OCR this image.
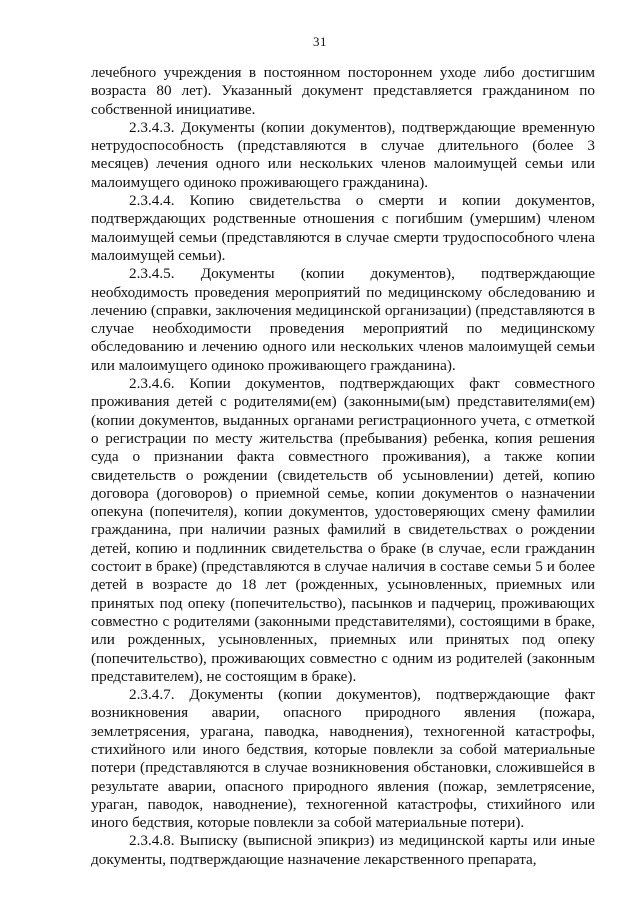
31

лечебного учреждения в постоянном постороннем уходе либо достигшим возраста 80 лет). Указанный документ представляется гражданином по собственной инициативе.

2.3.4.3. Документы (копии документов), подтверждающие временную нетрудоспособность (представляются в случае длительного (более 3 месяцев) лечения одного или нескольких членов малоимущей семьи или малоимущего одиноко проживающего гражданина).

2.3.4.4. Копию свидетельства о смерти и копии документов, подтверждающих родственные отношения с погибшим (умершим) членом малоимущей семьи (представляются в случае смерти трудоспособного члена малоимущей семьи).

2.3.4.5. Документы (копии документов), подтверждающие необходимость проведения мероприятий по медицинскому обследованию и лечению (справки, заключения медицинской организации) (представляются в случае необходимости проведения мероприятий по медицинскому обследованию и лечению одного или нескольких членов малоимущей семьи или малоимущего одиноко проживающего гражданина).

2.3.4.6. Копии документов, подтверждающих факт совместного проживания детей с родителями(ем) (законными(ым) представителями(ем) (копии документов, выданных органами регистрационного учета, с отметкой о регистрации по месту жительства (пребывания) ребенка, копия решения суда о признании факта совместного проживания), а также копии свидетельств о рождении (свидетельств об усыновлении) детей, копию договора (договоров) о приемной семье, копии документов о назначении опекуна (попечителя), копии документов, удостоверяющих смену фамилии гражданина, при наличии разных фамилий в свидетельствах о рождении детей, копию и подлинник свидетельства о браке (в случае, если гражданин состоит в браке) (представляются в случае наличия в составе семьи 5 и более детей в возрасте до 18 лет (рожденных, усыновленных, приемных или принятых под опеку (попечительство), пасынков и падчериц, проживающих совместно с родителями (законными представителями), состоящими в браке, или рожденных, усыновленных, приемных или принятых под опеку (попечительство), проживающих совместно с одним из родителей (законным представителем), не состоящим в браке).

2.3.4.7. Документы (копии документов), подтверждающие факт возникновения аварии, опасного природного явления (пожара, землетрясения, урагана, паводка, наводнения), техногенной катастрофы, стихийного или иного бедствия, которые повлекли за собой материальные потери (представляются в случае возникновения обстановки, сложившейся в результате аварии, опасного природного явления (пожар, землетрясение, ураган, паводок, наводнение), техногенной катастрофы, стихийного или иного бедствия, которые повлекли за собой материальные потери).

2.3.4.8. Выписку (выписной эпикриз) из медицинской карты или иные документы, подтверждающие назначение лекарственного препарата,
